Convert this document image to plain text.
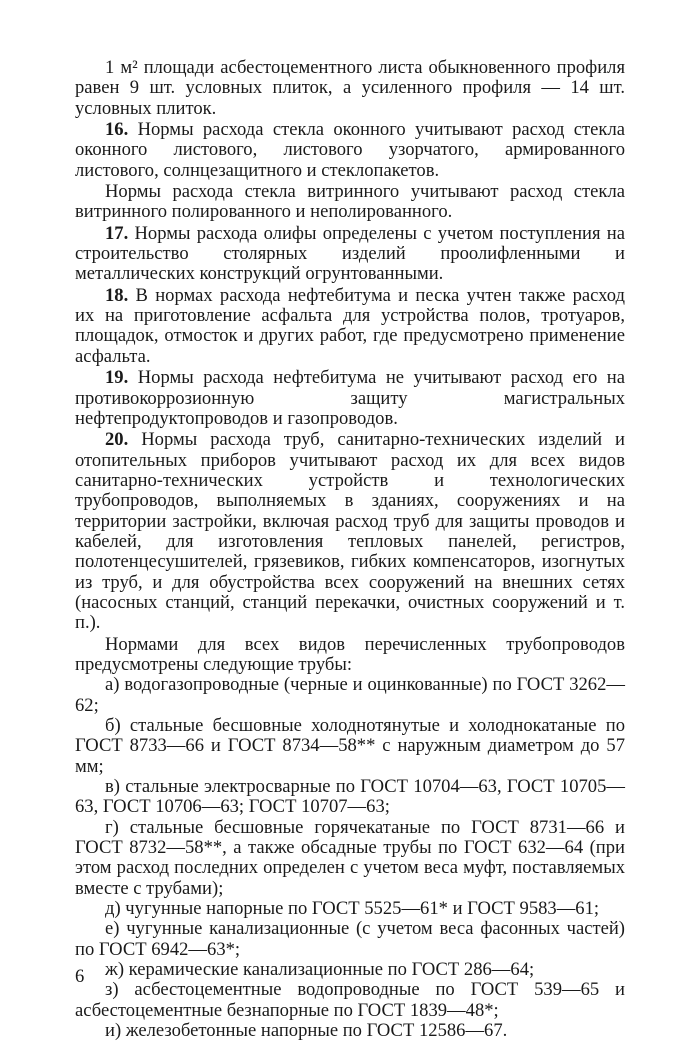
1 м² площади асбестоцементного листа обыкновенного профиля равен 9 шт. условных плиток, а усиленного профиля — 14 шт. условных плиток.

16. Нормы расхода стекла оконного учитывают расход стекла оконного листового, листового узорчатого, армированного листового, солнцезащитного и стеклопакетов.

Нормы расхода стекла витринного учитывают расход стекла витринного полированного и неполированного.

17. Нормы расхода олифы определены с учетом поступления на строительство столярных изделий проолифленными и металлических конструкций огрунтованными.

18. В нормах расхода нефтебитума и песка учтен также расход их на приготовление асфальта для устройства полов, тротуаров, площадок, отмосток и других работ, где предусмотрено применение асфальта.

19. Нормы расхода нефтебитума не учитывают расход его на противокоррозионную защиту магистральных нефтепродуктопроводов и газопроводов.

20. Нормы расхода труб, санитарно-технических изделий и отопительных приборов учитывают расход их для всех видов санитарно-технических устройств и технологических трубопроводов, выполняемых в зданиях, сооружениях и на территории застройки, включая расход труб для защиты проводов и кабелей, для изготовления тепловых панелей, регистров, полотенцесушителей, грязевиков, гибких компенсаторов, изогнутых из труб, и для обустройства всех сооружений на внешних сетях (насосных станций, станций перекачки, очистных сооружений и т. п.).

Нормами для всех видов перечисленных трубопроводов предусмотрены следующие трубы:

а) водогазопроводные (черные и оцинкованные) по ГОСТ 3262—62;

б) стальные бесшовные холоднотянутые и холоднокатаные по ГОСТ 8733—66 и ГОСТ 8734—58** с наружным диаметром до 57 мм;

в) стальные электросварные по ГОСТ 10704—63, ГОСТ 10705—63, ГОСТ 10706—63; ГОСТ 10707—63;

г) стальные бесшовные горячекатаные по ГОСТ 8731—66 и ГОСТ 8732—58**, а также обсадные трубы по ГОСТ 632—64 (при этом расход последних определен с учетом веса муфт, поставляемых вместе с трубами);

д) чугунные напорные по ГОСТ 5525—61* и ГОСТ 9583—61;

е) чугунные канализационные (с учетом веса фасонных частей) по ГОСТ 6942—63*;

ж) керамические канализационные по ГОСТ 286—64;

з) асбестоцементные водопроводные по ГОСТ 539—65 и асбестоцементные безнапорные по ГОСТ 1839—48*;

и) железобетонные напорные по ГОСТ 12586—67.

6
